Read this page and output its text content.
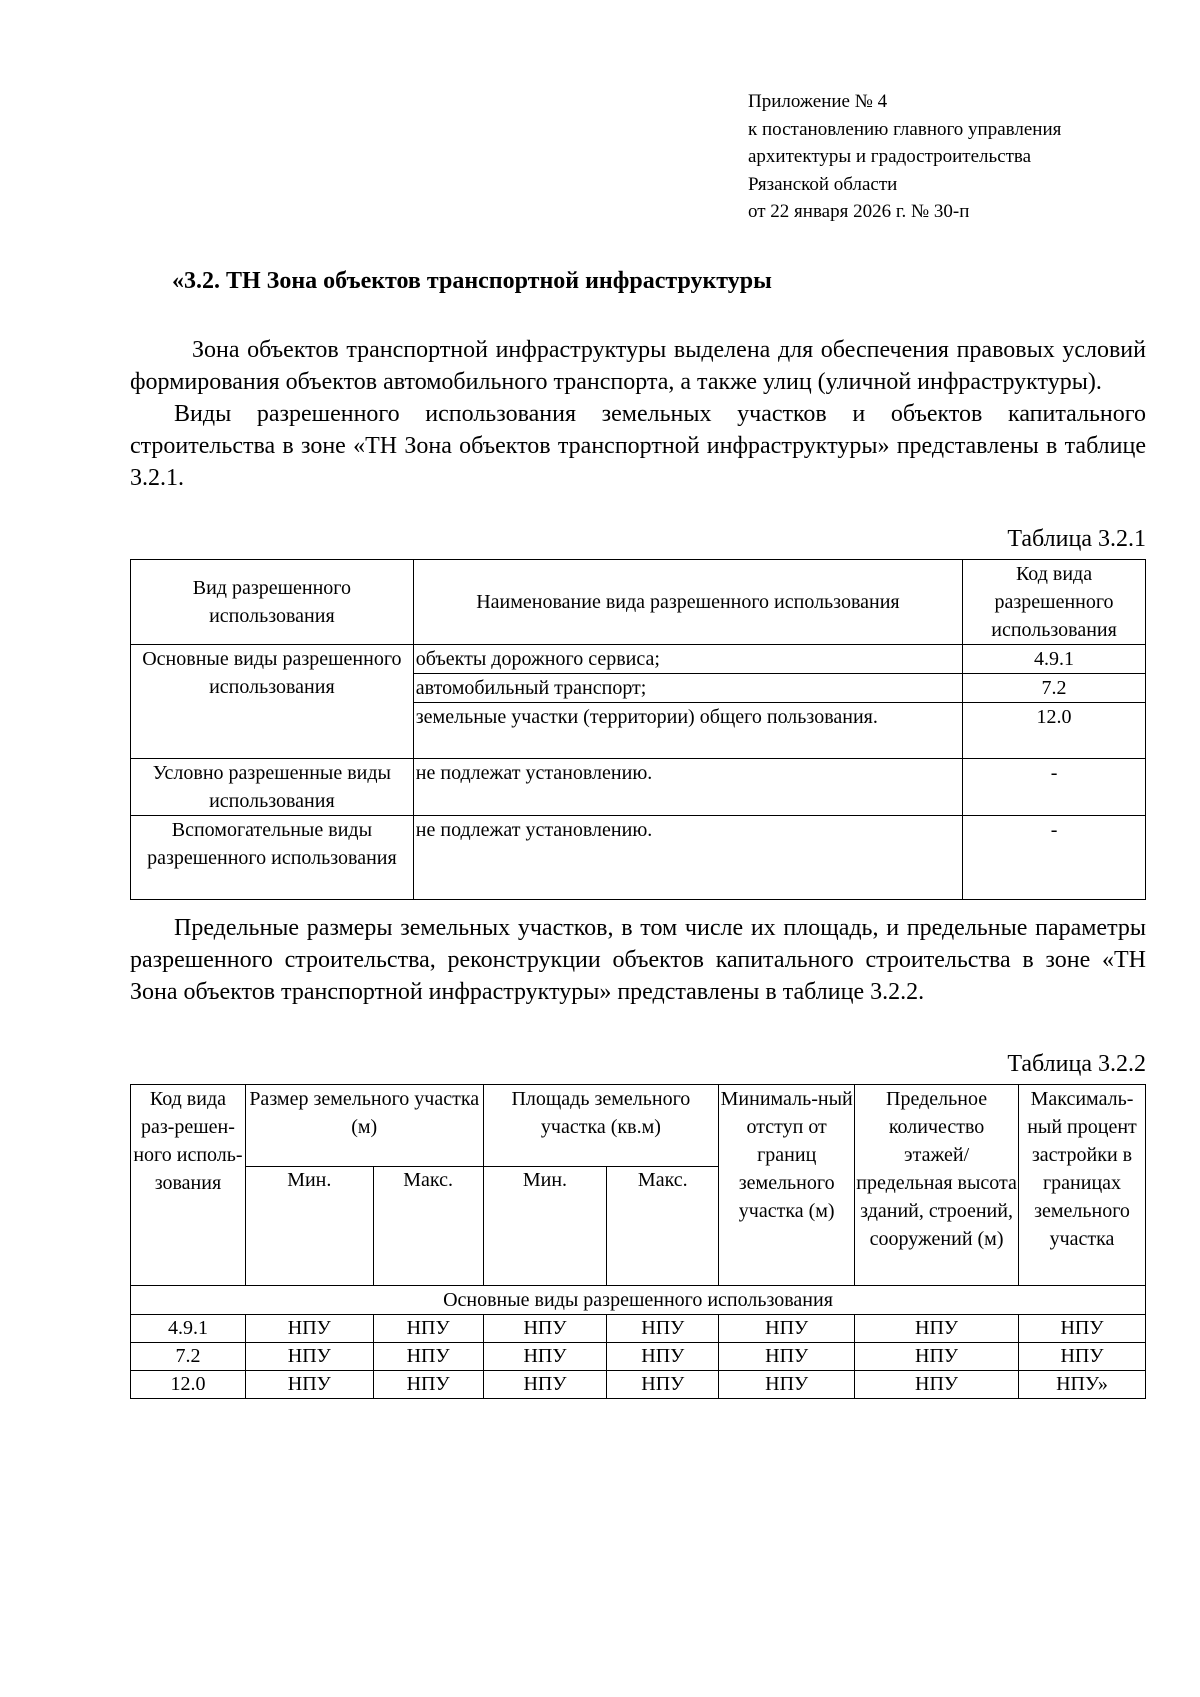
Приложение № 4
к постановлению главного управления
архитектуры и градостроительства
Рязанской области
от 22 января 2026 г. № 30-п
«3.2. ТН Зона объектов транспортной инфраструктуры

Зона объектов транспортной инфраструктуры выделена для обеспечения правовых условий формирования объектов автомобильного транспорта, а также улиц (уличной инфраструктуры).

Виды разрешенного использования земельных участков и объектов капитального строительства в зоне «ТН Зона объектов транспортной инфраструктуры» представлены в таблице 3.2.1.

Таблица 3.2.1
Вид разрешенного использования	Наименование вида разрешенного использования	Код вида разрешенного использования
Основные виды разрешенного использования	объекты дорожного сервиса;	4.9.1
	автомобильный транспорт;	7.2
	земельные участки (территории) общего пользования.	12.0
Условно разрешенные виды использования	не подлежат установлению.	-
Вспомогательные виды разрешенного использования	не подлежат установлению.	-

Предельные размеры земельных участков, в том числе их площадь, и предельные параметры разрешенного строительства, реконструкции объектов капитального строительства в зоне «ТН Зона объектов транспортной инфраструктуры» представлены в таблице 3.2.2.

Таблица 3.2.2
Код вида раз-решен-ного исполь-зования	Размер земельного участка (м)		Площадь земельного участка (кв.м)		Минималь-ный отступ от границ земельного участка (м)	Предельное количество этажей/ предельная высота зданий, строений, сооружений (м)	Максималь-ный процент застройки в границах земельного участка
	Мин.	Макс.	Мин.	Макс.			
Основные виды разрешенного использования							
4.9.1	НПУ	НПУ	НПУ	НПУ	НПУ	НПУ	НПУ
7.2	НПУ	НПУ	НПУ	НПУ	НПУ	НПУ	НПУ
12.0	НПУ	НПУ	НПУ	НПУ	НПУ	НПУ	НПУ»
